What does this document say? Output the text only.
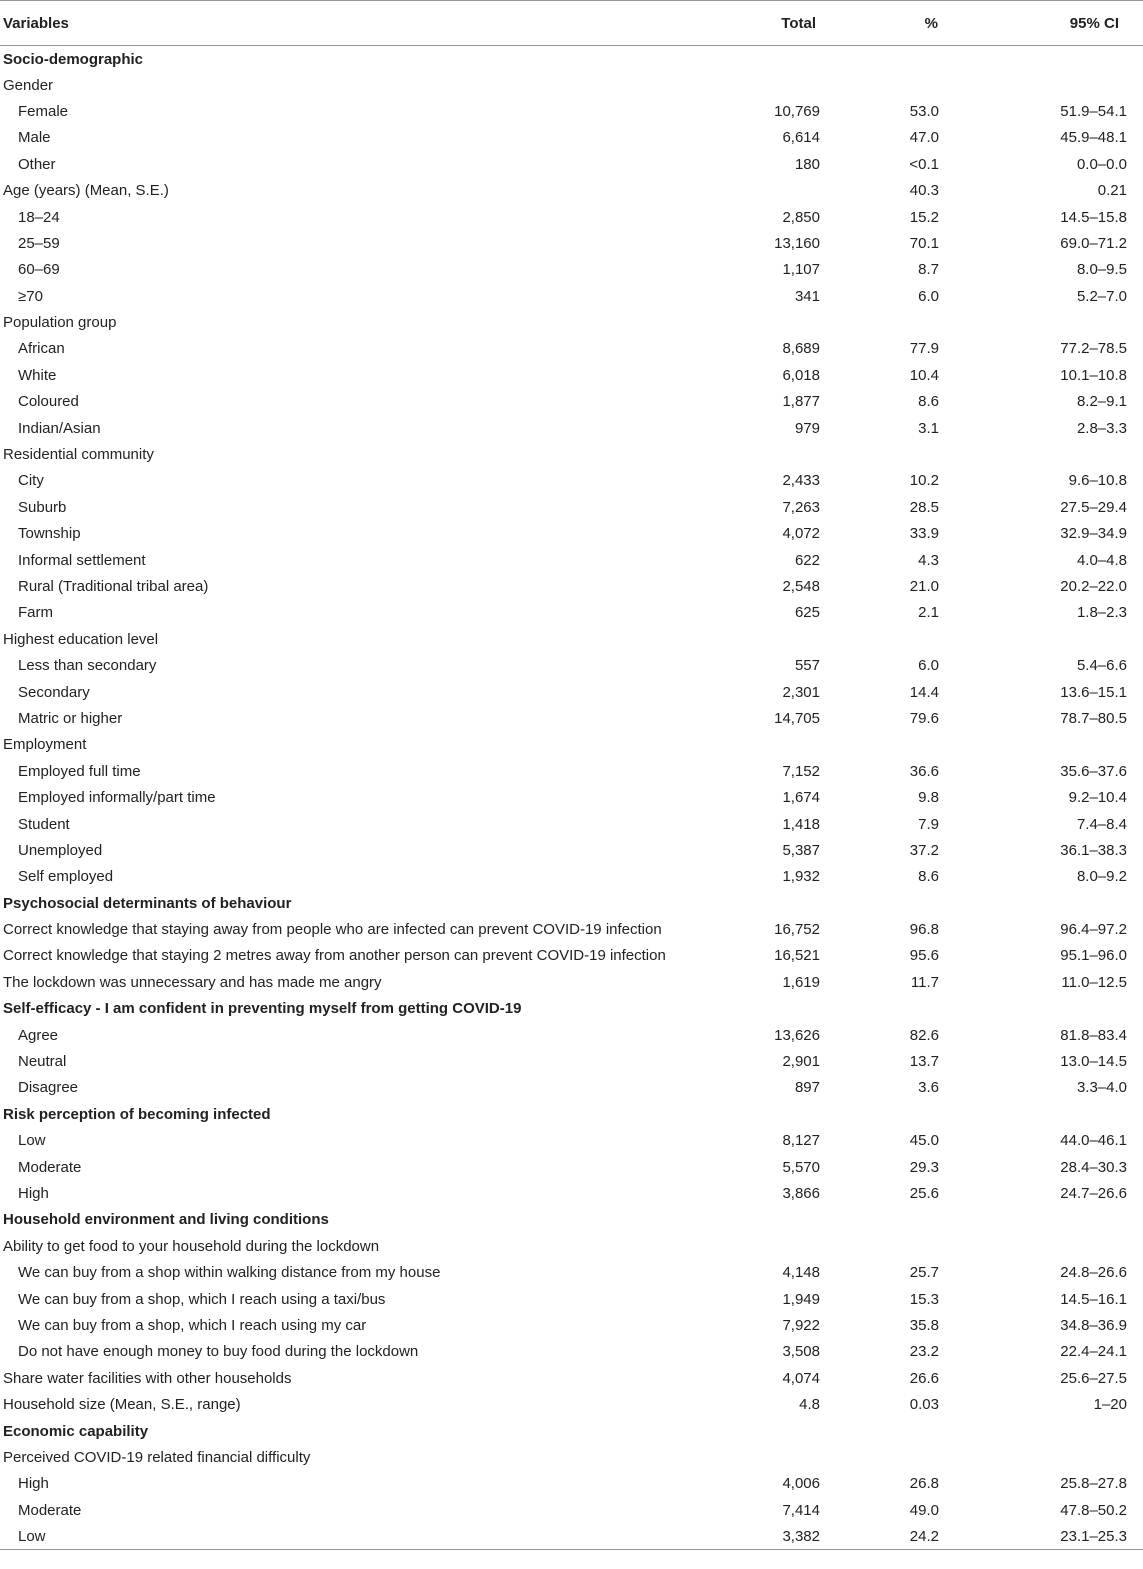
Variables	Total	%	95% CI
Socio-demographic			
Gender			
Female	10,769	53.0	51.9–54.1
Male	6,614	47.0	45.9–48.1
Other	180	<0.1	0.0–0.0
Age (years) (Mean, S.E.)		40.3	0.21
18–24	2,850	15.2	14.5–15.8
25–59	13,160	70.1	69.0–71.2
60–69	1,107	8.7	8.0–9.5
≥70	341	6.0	5.2–7.0
Population group			
African	8,689	77.9	77.2–78.5
White	6,018	10.4	10.1–10.8
Coloured	1,877	8.6	8.2–9.1
Indian/Asian	979	3.1	2.8–3.3
Residential community			
City	2,433	10.2	9.6–10.8
Suburb	7,263	28.5	27.5–29.4
Township	4,072	33.9	32.9–34.9
Informal settlement	622	4.3	4.0–4.8
Rural (Traditional tribal area)	2,548	21.0	20.2–22.0
Farm	625	2.1	1.8–2.3
Highest education level			
Less than secondary	557	6.0	5.4–6.6
Secondary	2,301	14.4	13.6–15.1
Matric or higher	14,705	79.6	78.7–80.5
Employment			
Employed full time	7,152	36.6	35.6–37.6
Employed informally/part time	1,674	9.8	9.2–10.4
Student	1,418	7.9	7.4–8.4
Unemployed	5,387	37.2	36.1–38.3
Self employed	1,932	8.6	8.0–9.2
Psychosocial determinants of behaviour			
Correct knowledge that staying away from people who are infected can prevent COVID-19 infection	16,752	96.8	96.4–97.2
Correct knowledge that staying 2 metres away from another person can prevent COVID-19 infection	16,521	95.6	95.1–96.0
The lockdown was unnecessary and has made me angry	1,619	11.7	11.0–12.5
Self-efficacy - I am confident in preventing myself from getting COVID-19			
Agree	13,626	82.6	81.8–83.4
Neutral	2,901	13.7	13.0–14.5
Disagree	897	3.6	3.3–4.0
Risk perception of becoming infected			
Low	8,127	45.0	44.0–46.1
Moderate	5,570	29.3	28.4–30.3
High	3,866	25.6	24.7–26.6
Household environment and living conditions			
Ability to get food to your household during the lockdown			
We can buy from a shop within walking distance from my house	4,148	25.7	24.8–26.6
We can buy from a shop, which I reach using a taxi/bus	1,949	15.3	14.5–16.1
We can buy from a shop, which I reach using my car	7,922	35.8	34.8–36.9
Do not have enough money to buy food during the lockdown	3,508	23.2	22.4–24.1
Share water facilities with other households	4,074	26.6	25.6–27.5
Household size (Mean, S.E., range)	4.8	0.03	1–20
Economic capability			
Perceived COVID-19 related financial difficulty			
High	4,006	26.8	25.8–27.8
Moderate	7,414	49.0	47.8–50.2
Low	3,382	24.2	23.1–25.3
